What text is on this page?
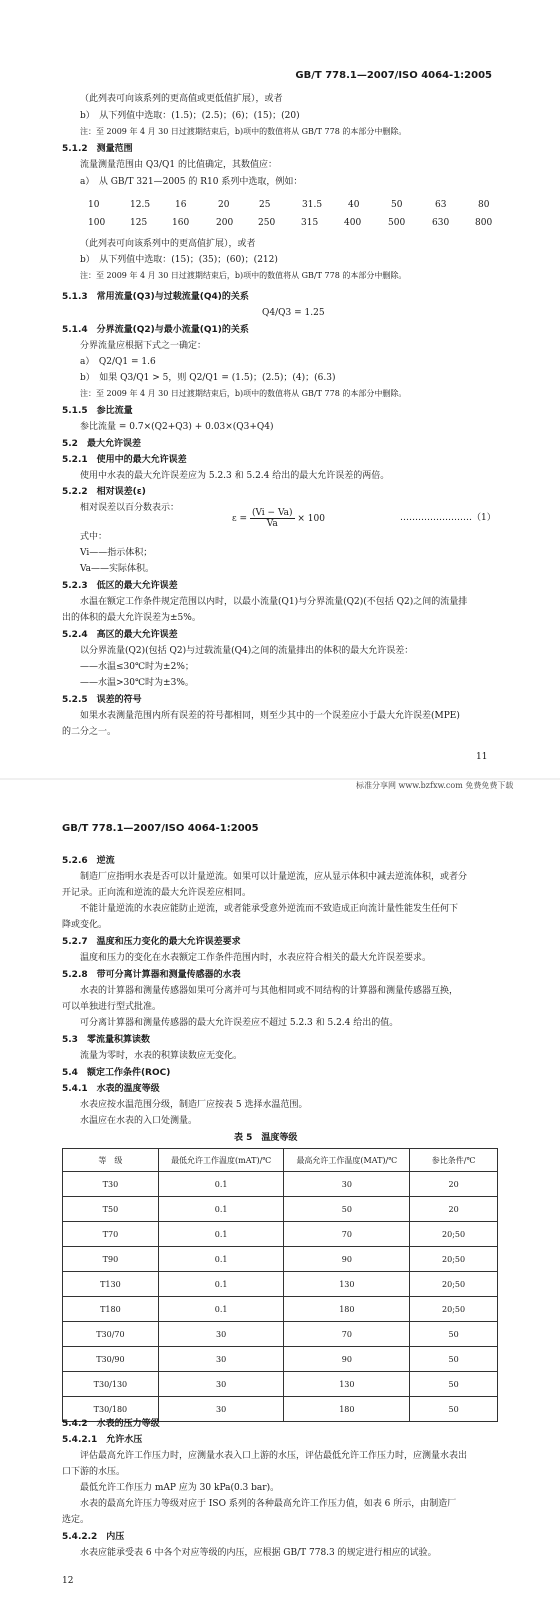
GB/T 778.1—2007/ISO 4064-1:2005
（此列表可向该系列的更高值或更低值扩展），或者
b）　从下列值中选取：(1.5)；(2.5)；(6)；(15)；(20)
注：至 2009 年 4 月 30 日过渡期结束后，b)项中的数值将从 GB/T 778 的本部分中删除。
5.1.2　测量范围
流量测量范围由 Q3/Q1 的比值确定，其数值应：
a）　从 GB/T 321—2005 的 R10 系列中选取，例如：
10	12.5	16	20	25	31.5	40	50	63	80
100	125	160	200	250	315	400	500	630	800
（此列表可向该系列中的更高值扩展），或者
b）　从下列值中选取：(15)；(35)；(60)；(212)
注：至 2009 年 4 月 30 日过渡期结束后，b)项中的数值将从 GB/T 778 的本部分中删除。
5.1.3　常用流量(Q3)与过载流量(Q4)的关系
Q4/Q3 = 1.25
5.1.4　分界流量(Q2)与最小流量(Q1)的关系
分界流量应根据下式之一确定：
a）　Q2/Q1 = 1.6
b）　如果 Q3/Q1 > 5，则 Q2/Q1 = (1.5)；(2.5)；(4)；(6.3)
注：至 2009 年 4 月 30 日过渡期结束后，b)项中的数值将从 GB/T 778 的本部分中删除。
5.1.5　参比流量
参比流量 = 0.7×(Q2+Q3) + 0.03×(Q3+Q4)
5.2　最大允许误差
5.2.1　使用中的最大允许误差
使用中水表的最大允许误差应为 5.2.3 和 5.2.4 给出的最大允许误差的两倍。
5.2.2　相对误差(ε)
相对误差以百分数表示：
$\varepsilon = \frac{(Vi - Va)}{Va} \times 100$	……………………（1）
式中：
Vi——指示体积；
Va——实际体积。
5.2.3　低区的最大允许误差
水温在额定工作条件规定范围以内时，以最小流量(Q1)与分界流量(Q2)(不包括 Q2)之间的流量排
出的体积的最大允许误差为±5%。
5.2.4　高区的最大允许误差
以分界流量(Q2)(包括 Q2)与过载流量(Q4)之间的流量排出的体积的最大允许误差：
——水温≤30℃时为±2%；
——水温>30℃时为±3%。
5.2.5　误差的符号
如果水表测量范围内所有误差的符号都相同，则至少其中的一个误差应小于最大允许误差(MPE)
的二分之一。
11
标准分享网 www.bzfxw.com 免费免费下载
GB/T 778.1—2007/ISO 4064-1:2005
5.2.6　逆流
制造厂应指明水表是否可以计量逆流。如果可以计量逆流，应从显示体积中减去逆流体积，或者分
开记录。正向流和逆流的最大允许误差应相同。
不能计量逆流的水表应能防止逆流，或者能承受意外逆流而不致造成正向流计量性能发生任何下
降或变化。
5.2.7　温度和压力变化的最大允许误差要求
温度和压力的变化在水表额定工作条件范围内时，水表应符合相关的最大允许误差要求。
5.2.8　带可分离计算器和测量传感器的水表
水表的计算器和测量传感器如果可分离并可与其他相同或不同结构的计算器和测量传感器互换，
可以单独进行型式批准。
可分离计算器和测量传感器的最大允许误差应不超过 5.2.3 和 5.2.4 给出的值。
5.3　零流量积算读数
流量为零时，水表的积算读数应无变化。
5.4　额定工作条件(ROC)
5.4.1　水表的温度等级
水表应按水温范围分级，制造厂应按表 5 选择水温范围。
水温应在水表的入口处测量。
表 5　温度等级
等　级	最低允许工作温度(mAT)/℃	最高允许工作温度(MAT)/℃	参比条件/℃
T30	0.1	30	20
T50	0.1	50	20
T70	0.1	70	20;50
T90	0.1	90	20;50
T130	0.1	130	20;50
T180	0.1	180	20;50
T30/70	30	70	50
T30/90	30	90	50
T30/130	30	130	50
T30/180	30	180	50
5.4.2　水表的压力等级
5.4.2.1　允许水压
评估最高允许工作压力时，应测量水表入口上游的水压，评估最低允许工作压力时，应测量水表出
口下游的水压。
最低允许工作压力 mAP 应为 30 kPa(0.3 bar)。
水表的最高允许压力等级对应于 ISO 系列的各种最高允许工作压力值，如表 6 所示，由制造厂
选定。
5.4.2.2　内压
水表应能承受表 6 中各个对应等级的内压，应根据 GB/T 778.3 的规定进行相应的试验。
12
